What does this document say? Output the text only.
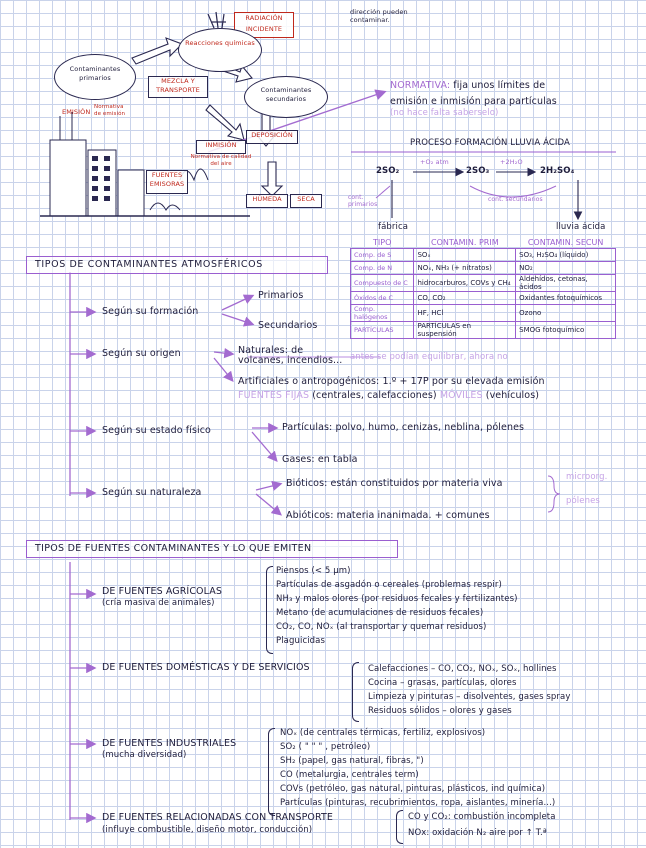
RADIACIÓN INCIDENTE
dirección pueden contaminar.
Reacciones químicas
Contaminantes primarios	MEZCLA Y TRANSPORTE	Contaminantes secundarios
EMISIÓN
Normativa de emisión
INMISIÓN
Normativa de calidad del aire
DEPOSICIÓN
HÚMEDA	SECA
FUENTES EMISORAS
NORMATIVA: fija unos límites de
emisión e inmisión para partículas
(no hace falta saberselo)
PROCESO FORMACIÓN LLUVIA ÁCIDA
2SO₂
+O₂ atm
2SO₃
+2H₂O
2H₂SO₄
cont. primarios
cont. secundarios
fábrica	lluvia ácida
TIPO	CONTAMIN. PRIM	CONTAMIN. SECUN
Comp. de S	SOₓ	SO₃, H₂SO₄ (líquido)
Comp. de N	NOₓ, NH₃ (+ nitratos)	NO₂
Compuesto de C	hidrocarburos, COVs y CH₄	Aldehídos, cetonas, ácidos
Óxidos de C	CO, CO₂	Oxidantes fotoquímicos
Comp. halógenos	HF, HCl	Ozono
PARTÍCULAS	PARTÍCULAS en suspensión	SMOG fotoquímico
TIPOS DE CONTAMINANTES ATMOSFÉRICOS
Según su formación
Primarios
Secundarios
Según su origen	Naturales: de volcanes, incendios... antes se podían equilibrar, ahora no
Artificiales o antropogénicos: 1.º + 17P por su elevada emisión
FUENTES FIJAS (centrales, calefacciones) MÓVILES (vehículos)
Según su estado físico	Partículas: polvo, humo, cenizas, neblina, pólenes
Gases: en tabla
Según su naturaleza
Bióticos: están constituidos por materia viva
microorg.
pólenes
Abióticos: materia inanimada. + comunes
TIPOS DE FUENTES CONTAMINANTES Y LO QUE EMITEN
DE FUENTES AGRÍCOLAS
(cría masiva de animales)
Piensos (< 5 µm)
Partículas de asgadón o cereales (problemas respir)
NH₃ y malos olores (por residuos fecales y fertilizantes)
Metano (de acumulaciones de residuos fecales)
CO₂, CO, NOₓ (al transportar y quemar residuos)
Plaguicidas
DE FUENTES DOMÉSTICAS Y DE SERVICIOS	Calefacciones – CO, CO₂, NOₓ, SOₓ, hollines
Cocina – grasas, partículas, olores
Limpieza y pinturas – disolventes, gases spray
Residuos sólidos – olores y gases
DE FUENTES INDUSTRIALES
(mucha diversidad)
NOₓ (de centrales térmicas, fertiliz, explosivos)
SO₂ ( " " " , petróleo)
SH₂ (papel, gas natural, fibras, ")
CO (metalurgia, centrales term)
COVs (petróleo, gas natural, pinturas, plásticos, ind química)
Partículas (pinturas, recubrimientos, ropa, aislantes, minería...)
DE FUENTES RELACIONADAS CON TRANSPORTE
(influye combustible, diseño motor, conducción)
CO y CO₂: combustión incompleta
NOx: oxidación N₂ aire por ↑ T.ª
